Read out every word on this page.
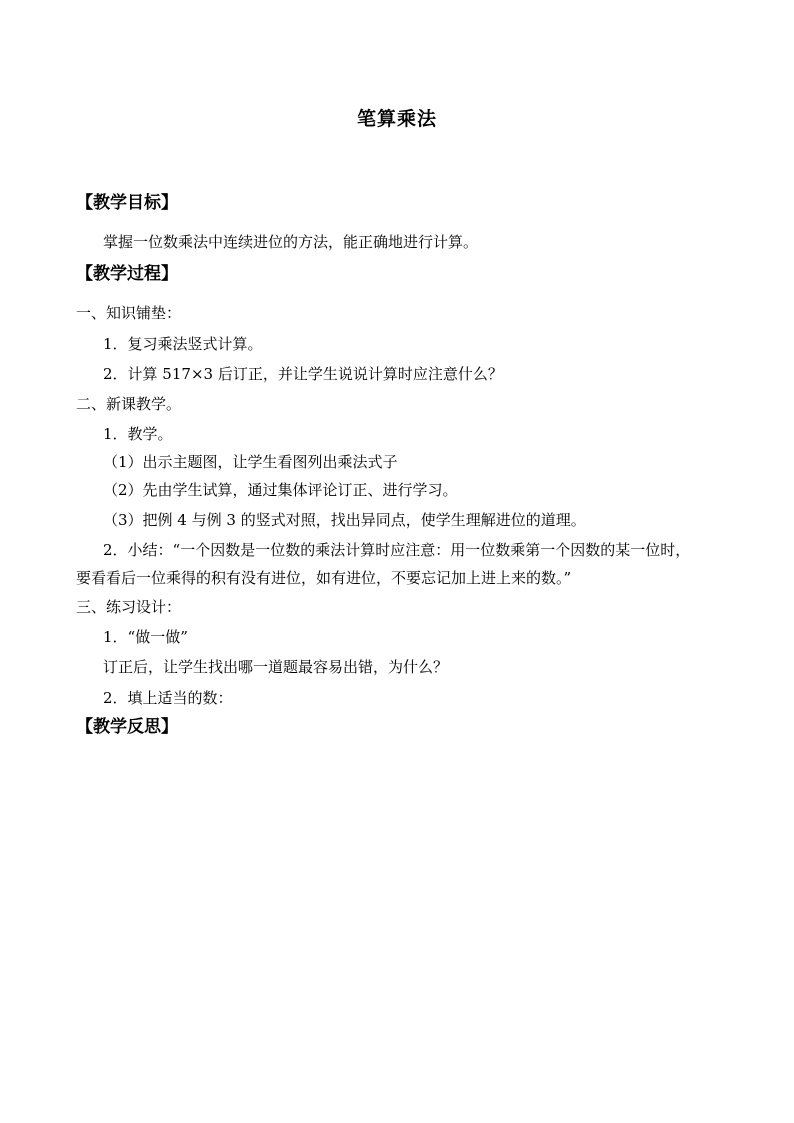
笔算乘法
【教学目标】
掌握一位数乘法中连续进位的方法，能正确地进行计算。
【教学过程】
一、知识铺垫：
1．复习乘法竖式计算。
2．计算 517×3 后订正，并让学生说说计算时应注意什么？
二、新课教学。
1．教学。
（1）出示主题图，让学生看图列出乘法式子
（2）先由学生试算，通过集体评论订正、进行学习。
（3）把例 4 与例 3 的竖式对照，找出异同点，使学生理解进位的道理。
2．小结：“一个因数是一位数的乘法计算时应注意：用一位数乘第一个因数的某一位时，
要看看后一位乘得的积有没有进位，如有进位，不要忘记加上进上来的数。”
三、练习设计：
1．“做一做”
订正后，让学生找出哪一道题最容易出错，为什么？
2．填上适当的数：
【教学反思】
